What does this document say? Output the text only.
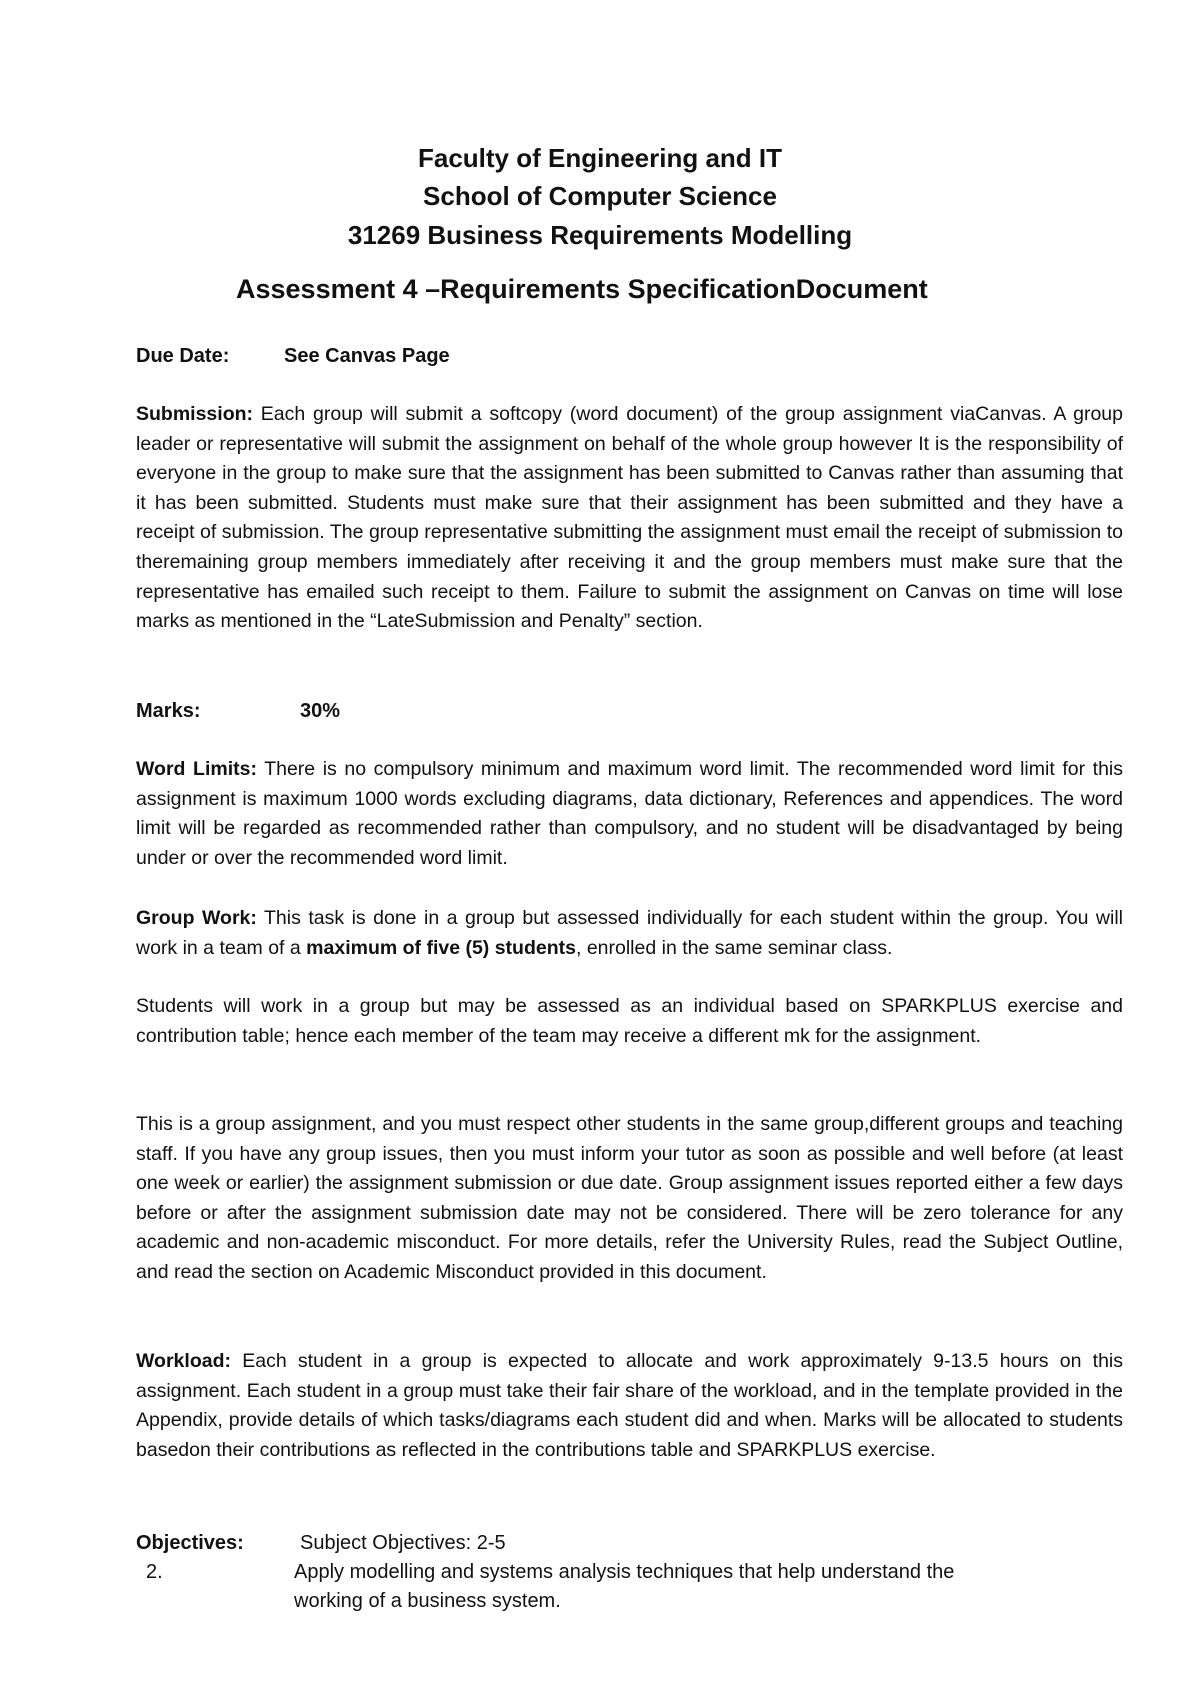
Faculty of Engineering and IT
School of Computer Science
31269 Business Requirements Modelling
Assessment 4 –Requirements SpecificationDocument
Due Date:	See Canvas Page
Submission: Each group will submit a softcopy (word document) of the group assignment viaCanvas. A group leader or representative will submit the assignment on behalf of the whole group however It is the responsibility of everyone in the group to make sure that the assignment has been submitted to Canvas rather than assuming that it has been submitted. Students must make sure that their assignment has been submitted and they have a receipt of submission. The group representative submitting the assignment must email the receipt of submission to theremaining group members immediately after receiving it and the group members must make sure that the representative has emailed such receipt to them. Failure to submit the assignment on Canvas on time will lose marks as mentioned in the “LateSubmission and Penalty” section.
Marks:	30%
Word Limits: There is no compulsory minimum and maximum word limit. The recommended word limit for this assignment is maximum 1000 words excluding diagrams, data dictionary, References and appendices. The word limit will be regarded as recommended rather than compulsory, and no student will be disadvantaged by being under or over the recommended word limit.
Group Work: This task is done in a group but assessed individually for each student within the group. You will work in a team of a maximum of five (5) students, enrolled in the same seminar class.
Students will work in a group but may be assessed as an individual based on SPARKPLUS exercise and contribution table; hence each member of the team may receive a different mk for the assignment.
This is a group assignment, and you must respect other students in the same group,different groups and teaching staff. If you have any group issues, then you must inform your tutor as soon as possible and well before (at least one week or earlier) the assignment submission or due date. Group assignment issues reported either a few days before or after the assignment submission date may not be considered. There will be zero tolerance for any academic and non-academic misconduct. For more details, refer the University Rules, read the Subject Outline, and read the section on Academic Misconduct provided in this document.
Workload: Each student in a group is expected to allocate and work approximately 9-13.5 hours on this assignment. Each student in a group must take their fair share of the workload, and in the template provided in the Appendix, provide details of which tasks/diagrams each student did and when. Marks will be allocated to students basedon their contributions as reflected in the contributions table and SPARKPLUS exercise.
Objectives:	Subject Objectives: 2-5
2.	Apply modelling and systems analysis techniques that help understand the
working of a business system.
